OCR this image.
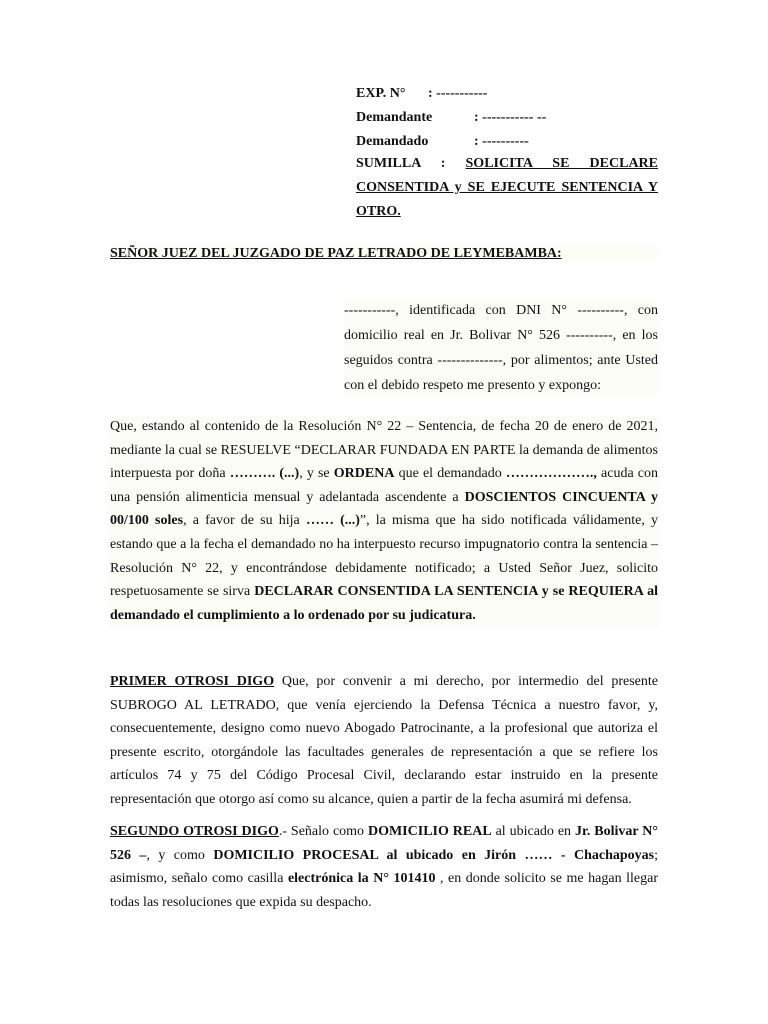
EXP. N° : -----------
Demandante	: ----------- --
Demandado	: ----------
SUMILLA : SOLICITA SE DECLARE CONSENTIDA y SE EJECUTE SENTENCIA Y OTRO.
SEÑOR JUEZ DEL JUZGADO DE PAZ LETRADO DE LEYMEBAMBA:
-----------, identificada con DNI N° ----------, con domicilio real en Jr. Bolivar N° 526 ----------, en los seguidos contra --------------, por alimentos; ante Usted con el debido respeto me presento y expongo:
Que, estando al contenido de la Resolución N° 22 – Sentencia, de fecha 20 de enero de 2021, mediante la cual se RESUELVE “DECLARAR FUNDADA EN PARTE la demanda de alimentos interpuesta por doña ………. (...), y se ORDENA que el demandado ………………., acuda con una pensión alimenticia mensual y adelantada ascendente a DOSCIENTOS CINCUENTA y 00/100 soles, a favor de su hija …… (...)”, la misma que ha sido notificada válidamente, y estando que a la fecha el demandado no ha interpuesto recurso impugnatorio contra la sentencia – Resolución N° 22, y encontrándose debidamente notificado; a Usted Señor Juez, solicito respetuosamente se sirva DECLARAR CONSENTIDA LA SENTENCIA y se REQUIERA al demandado el cumplimiento a lo ordenado por su judicatura.
PRIMER OTROSI DIGO Que, por convenir a mi derecho, por intermedio del presente SUBROGO AL LETRADO, que venía ejerciendo la Defensa Técnica a nuestro favor, y, consecuentemente, designo como nuevo Abogado Patrocinante, a la profesional que autoriza el presente escrito, otorgándole las facultades generales de representación a que se refiere los artículos 74 y 75 del Código Procesal Civil, declarando estar instruido en la presente representación que otorgo así como su alcance, quien a partir de la fecha asumirá mi defensa.
SEGUNDO OTROSI DIGO.- Señalo como DOMICILIO REAL al ubicado en Jr. Bolivar N° 526 –, y como DOMICILIO PROCESAL al ubicado en Jirón …… - Chachapoyas; asimismo, señalo como casilla electrónica la N° 101410 , en donde solicito se me hagan llegar todas las resoluciones que expida su despacho.
